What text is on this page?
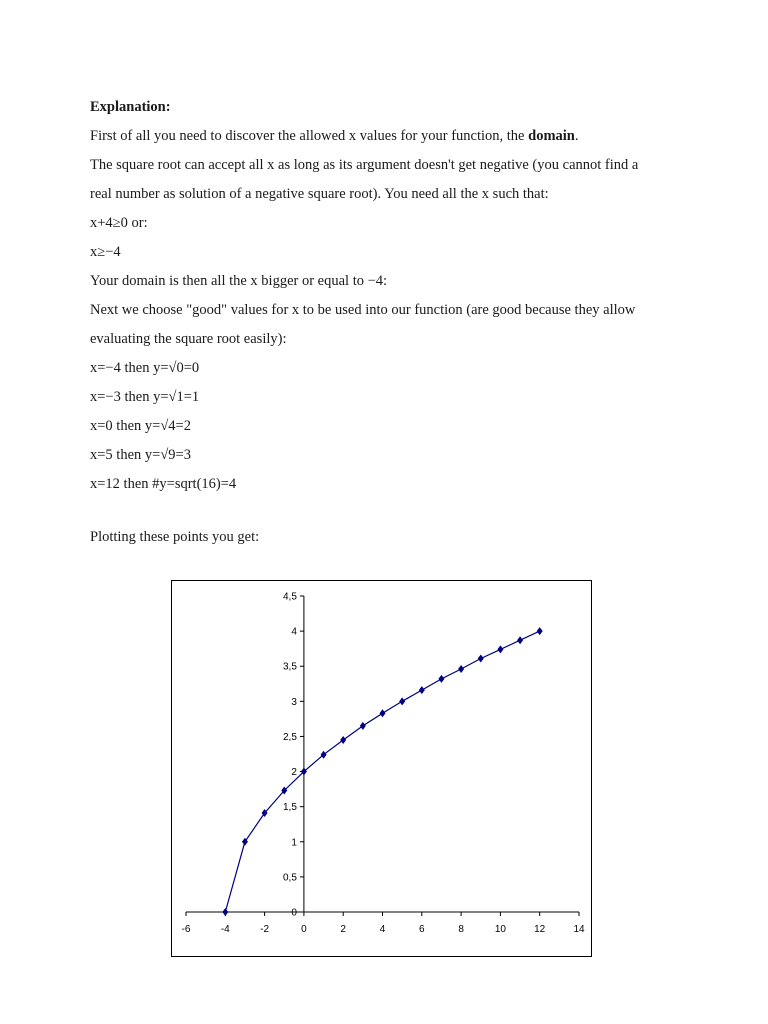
Explanation:

First of all you need to discover the allowed x values for your function, the domain.

The square root can accept all x as long as its argument doesn't get negative (you cannot find a

real number as solution of a negative square root). You need all the x such that:

x+4≥0 or:

x≥−4

Your domain is then all the x bigger or equal to −4:

Next we choose "good" values for x to be used into our function (are good because they allow

evaluating the square root easily):

x=−4 then y=√0=0

x=−3 then y=√1=1

x=0 then y=√4=2

x=5 then y=√9=3

x=12 then #y=sqrt(16)=4

Plotting these points you get:

-6	-4	-2	0	2	4	6	8	10	12	14
0
0,5
1
1,5
2
2,5
3
3,5
4
4,5
